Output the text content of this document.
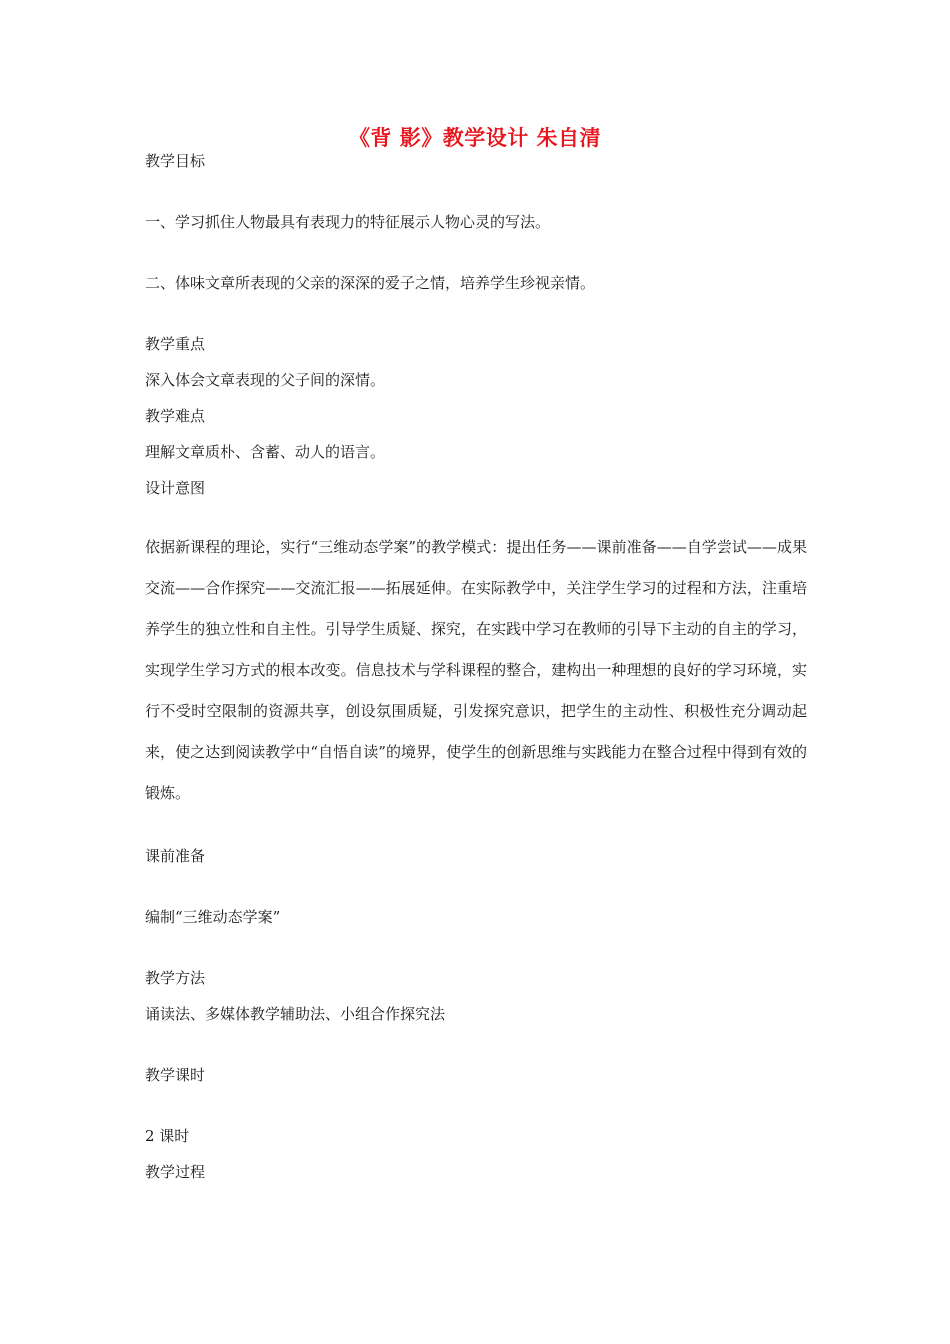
《背 影》教学设计 朱自清
教学目标
一、学习抓住人物最具有表现力的特征展示人物心灵的写法。
二、体味文章所表现的父亲的深深的爱子之情，培养学生珍视亲情。
教学重点
深入体会文章表现的父子间的深情。
教学难点
理解文章质朴、含蓄、动人的语言。
设计意图
依据新课程的理论，实行“三维动态学案”的教学模式：提出任务——课前准备——自学尝试——成果交流——合作探究——交流汇报——拓展延伸。在实际教学中，关注学生学习的过程和方法，注重培养学生的独立性和自主性。引导学生质疑、探究，在实践中学习在教师的引导下主动的自主的学习，实现学生学习方式的根本改变。信息技术与学科课程的整合，建构出一种理想的良好的学习环境，实行不受时空限制的资源共享，创设氛围质疑，引发探究意识，把学生的主动性、积极性充分调动起来，使之达到阅读教学中“自悟自读”的境界，使学生的创新思维与实践能力在整合过程中得到有效的锻炼。
课前准备
编制“三维动态学案”
教学方法
诵读法、多媒体教学辅助法、小组合作探究法
教学课时
2 课时
教学过程
